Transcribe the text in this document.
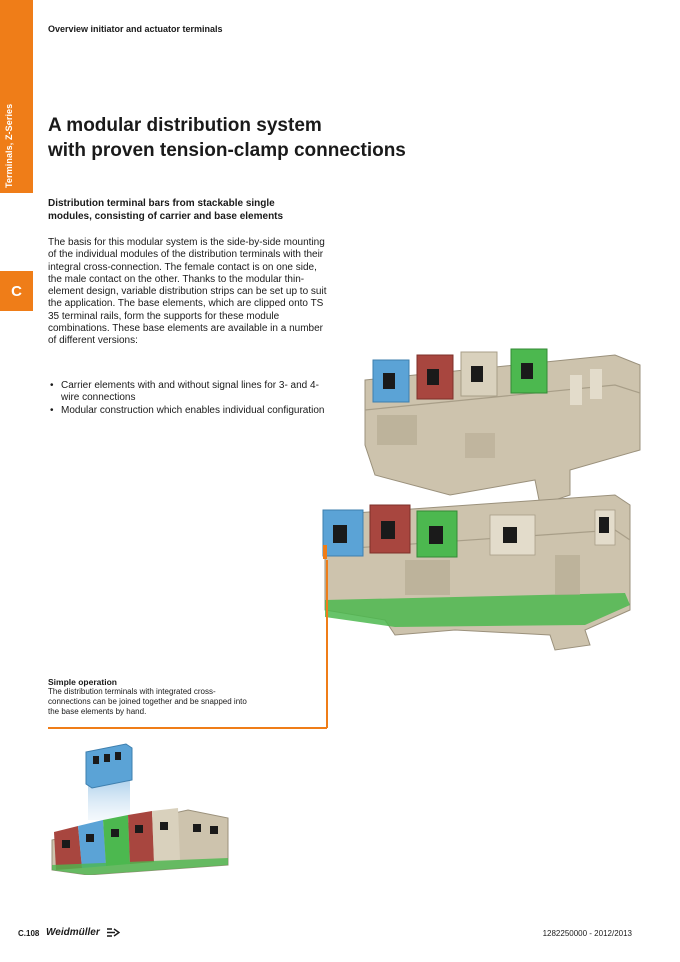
Terminals, Z-Series
C
Overview initiator and actuator terminals
A modular distribution system
with proven tension-clamp connections

Distribution terminal bars from stackable single
modules, consisting of carrier and base elements

The basis for this modular system is the side-by-side mounting of the individual modules of the distribution terminals with their integral cross-connection. The female contact is on one side, the male contact on the other. Thanks to the modular thin-element design, variable distribution strips can be set up to suit the application. The base elements, which are clipped onto TS 35 terminal rails, form the supports for these module combinations. These base elements are available in a number of different versions:

• Carrier elements with and without signal lines for 3- and 4-wire connections
• Modular construction which enables individual configuration
Simple operation

The distribution terminals with integrated cross-connections can be joined together and be snapped into the base elements by hand.

C.108 Weidmüller	1282250000 - 2012/2013
